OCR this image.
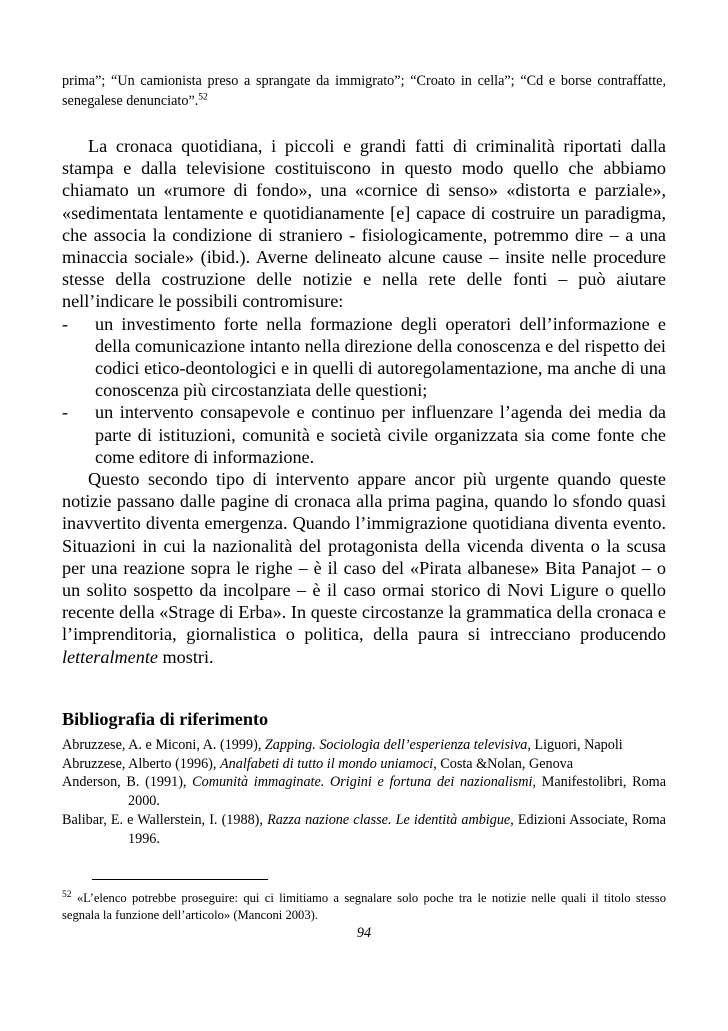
prima”; “Un camionista preso a sprangate da immigrato”; “Croato in cella”; “Cd e borse contraffatte, senegalese denunciato”.$^{52}$

La cronaca quotidiana, i piccoli e grandi fatti di criminalità riportati dalla stampa e dalla televisione costituiscono in questo modo quello che abbiamo chiamato un «rumore di fondo», una «cornice di senso» «distorta e parziale», «sedimentata lentamente e quotidianamente [e] capace di costruire un paradigma, che associa la condizione di straniero - fisiologicamente, potremmo dire – a una minaccia sociale» (ibid.). Averne delineato alcune cause – insite nelle procedure stesse della costruzione delle notizie e nella rete delle fonti – può aiutare nell’indicare le possibili contromisure:

- un investimento forte nella formazione degli operatori dell’informazione e della comunicazione intanto nella direzione della conoscenza e del rispetto dei codici etico-deontologici e in quelli di autoregolamentazione, ma anche di una conoscenza più circostanziata delle questioni;
- un intervento consapevole e continuo per influenzare l’agenda dei media da parte di istituzioni, comunità e società civile organizzata sia come fonte che come editore di informazione.

Questo secondo tipo di intervento appare ancor più urgente quando queste notizie passano dalle pagine di cronaca alla prima pagina, quando lo sfondo quasi inavvertito diventa emergenza. Quando l’immigrazione quotidiana diventa evento. Situazioni in cui la nazionalità del protagonista della vicenda diventa o la scusa per una reazione sopra le righe – è il caso del «Pirata albanese» Bita Panajot – o un solito sospetto da incolpare – è il caso ormai storico di Novi Ligure o quello recente della «Strage di Erba». In queste circostanze la grammatica della cronaca e l’imprenditoria, giornalistica o politica, della paura si intrecciano producendo letteralmente mostri.

Bibliografia di riferimento
Abruzzese, A. e Miconi, A. (1999), Zapping. Sociologia dell’esperienza televisiva, Liguori, Napoli
Abruzzese, Alberto (1996), Analfabeti di tutto il mondo uniamoci, Costa &Nolan, Genova
Anderson, B. (1991), Comunità immaginate. Origini e fortuna dei nazionalismi, Manifestolibri, Roma 2000.
Balibar, E. e Wallerstein, I. (1988), Razza nazione classe. Le identità ambigue, Edizioni Associate, Roma 1996.
$^{52}$ «L’elenco potrebbe proseguire: qui ci limitiamo a segnalare solo poche tra le notizie nelle quali il titolo stesso segnala la funzione dell’articolo» (Manconi 2003).
94
